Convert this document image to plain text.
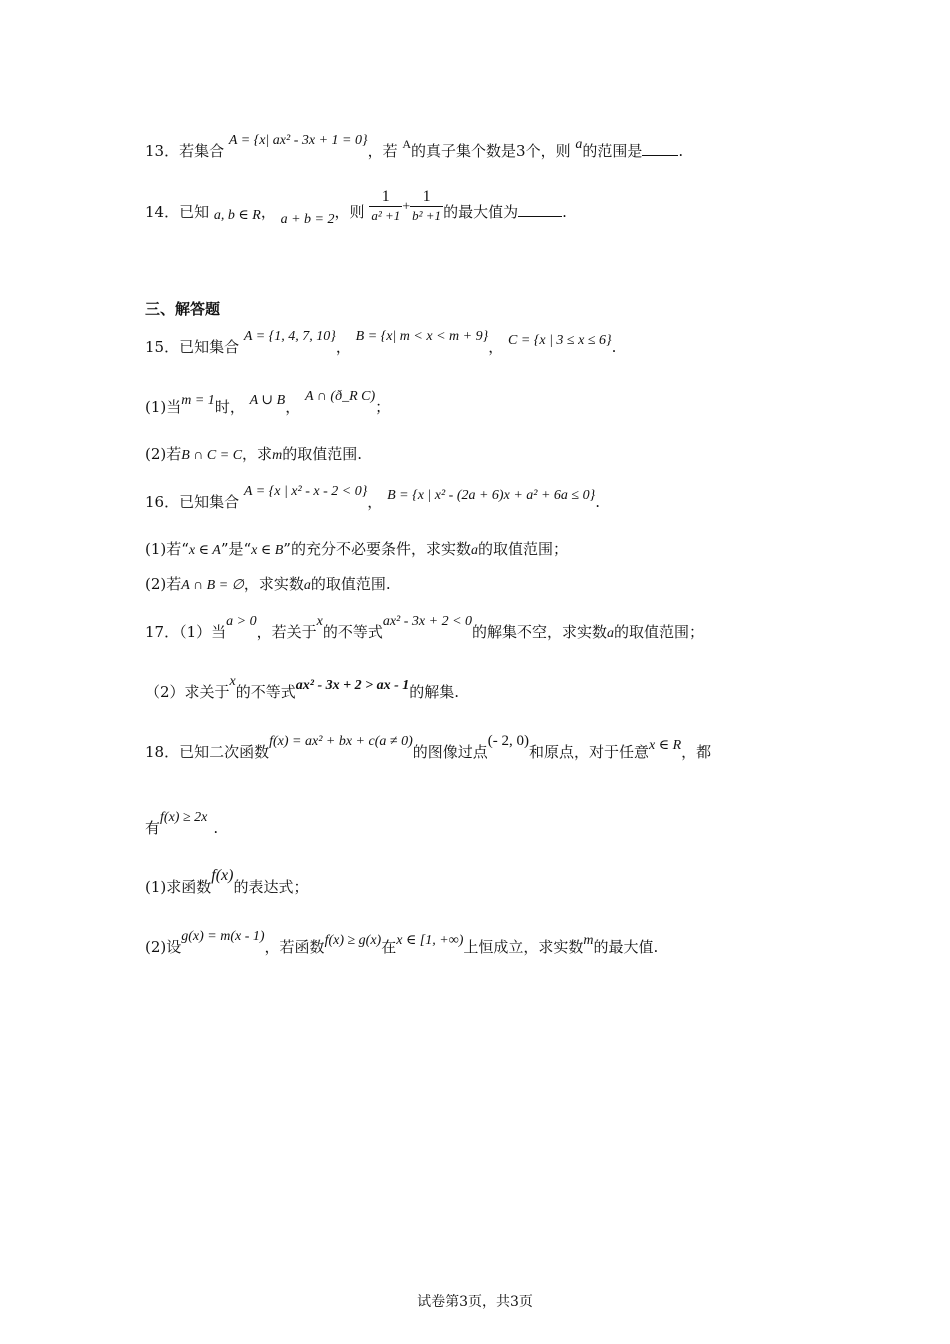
13．若集合 A = {x| ax² - 3x + 1 = 0}，若 $^A$的真子集个数是3个，则 a的范围是 .
14．已知 a, b ∈ R， a + b = 2，则 $\frac{1}{\text{a² +1}} + \frac{1}{\text{b² +1}}$ 的最大值为	.
三、解答题
15．已知集合 A = {1, 4, 7, 10}， B = {x| m < x < m + 9}， C = {x | 3 ≤ x ≤ 6}.
(1)当m = 1时， A ∪ B， A ∩ (ð_R C)；
(2)若B ∩ C = C，求m的取值范围.
16．已知集合 A = {x | x² - x - 2 < 0}， B = {x | x² - (2a + 6)x + a² + 6a ≤ 0}.
(1)若“x ∈ A”是“x ∈ B”的充分不必要条件，求实数a的取值范围；
(2)若A ∩ B = ∅，求实数a的取值范围.
17．（1）当a > 0，若关于x的不等式ax² - 3x + 2 < 0的解集不空，求实数a的取值范围；
（2）求关于x的不等式ax² - 3x + 2 > ax - 1的解集.
18．已知二次函数f(x) = ax² + bx + c(a ≠ 0)的图像过点(- 2, 0)和原点，对于任意x ∈ R，都
有f(x) ≥ 2x.
(1)求函数f(x)的表达式；
(2)设g(x) = m(x - 1)，若函数f(x) ≥ g(x)在x ∈ [1, +∞)上恒成立，求实数m的最大值.
试卷第3页，共3页
